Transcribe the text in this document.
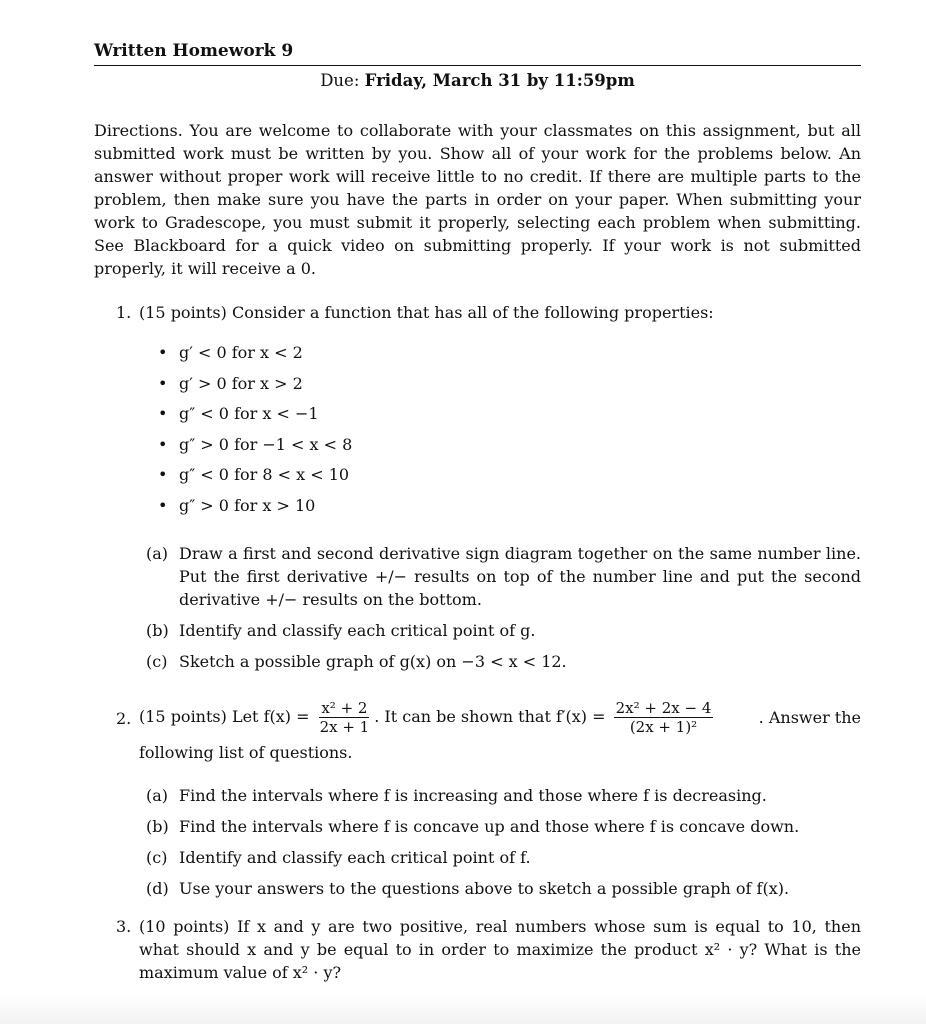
Written Homework 9
Due: Friday, March 31 by 11:59pm
Directions. You are welcome to collaborate with your classmates on this assignment, but all submitted work must be written by you. Show all of your work for the problems below. An answer without proper work will receive little to no credit. If there are multiple parts to the problem, then make sure you have the parts in order on your paper. When submitting your work to Gradescope, you must submit it properly, selecting each problem when submitting. See Blackboard for a quick video on submitting properly. If your work is not submitted properly, it will receive a 0.
1. (15 points) Consider a function that has all of the following properties:
• g′ < 0 for x < 2
• g′ > 0 for x > 2
• g″ < 0 for x < −1
• g″ > 0 for −1 < x < 8
• g″ < 0 for 8 < x < 10
• g″ > 0 for x > 10
(a) Draw a first and second derivative sign diagram together on the same number line. Put the first derivative +/− results on top of the number line and put the second derivative +/− results on the bottom.
(b) Identify and classify each critical point of g.
(c) Sketch a possible graph of g(x) on −3 < x < 12.
2. (15 points) Let $f(x) = \frac{\text{x² + 2}}{2x + 1}$ . It can be shown that $f'(x) = \frac{\text{2x² + 2x − 4}}{\text{(2x + 1)²}}$	. Answer the
following list of questions.
(a) Find the intervals where f is increasing and those where f is decreasing.
(b) Find the intervals where f is concave up and those where f is concave down.
(c) Identify and classify each critical point of f.
(d) Use your answers to the questions above to sketch a possible graph of f(x).
3. (10 points) If x and y are two positive, real numbers whose sum is equal to 10, then what should x and y be equal to in order to maximize the product x² · y? What is the maximum value of x² · y?
